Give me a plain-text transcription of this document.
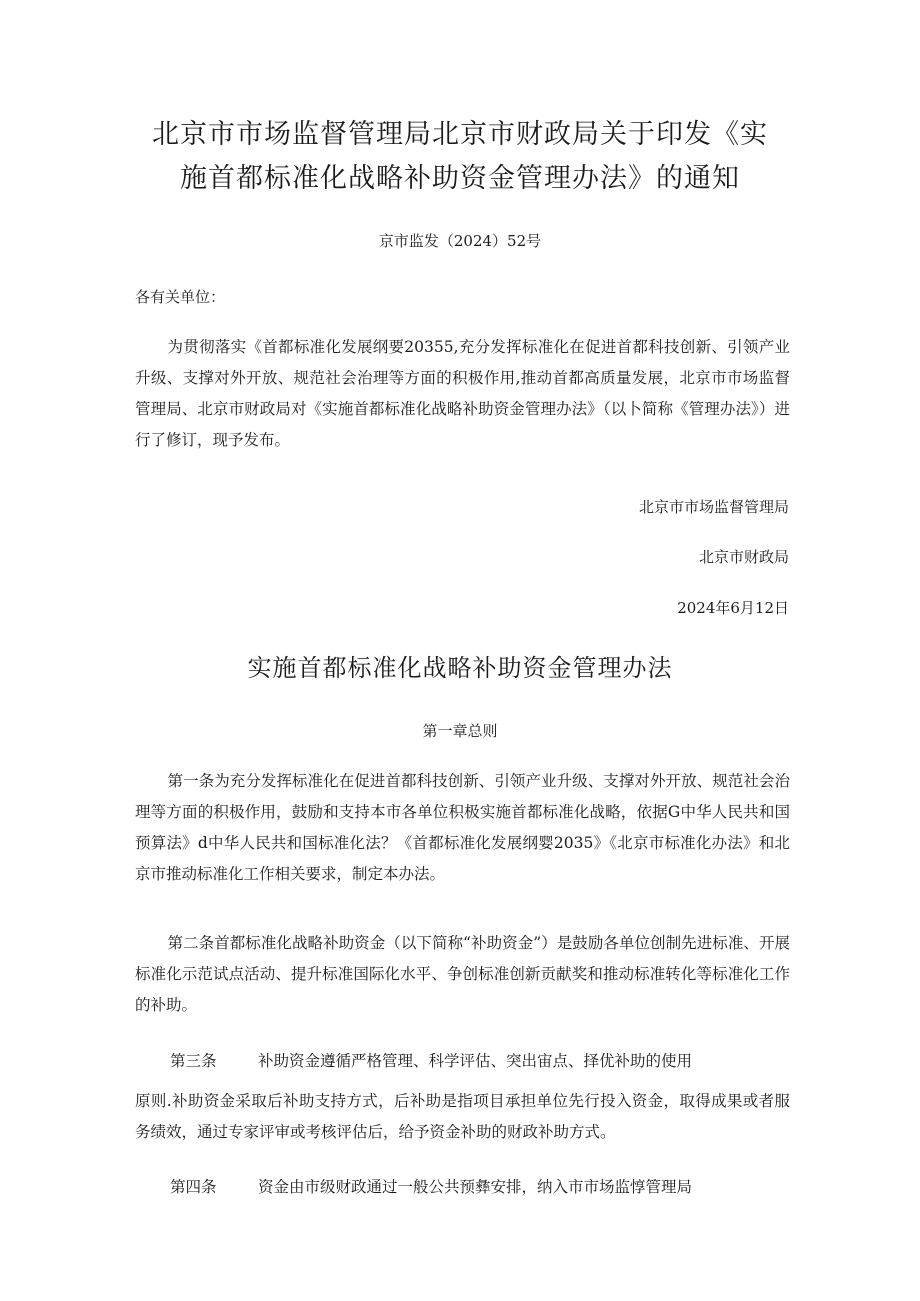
北京市市场监督管理局北京市财政局关于印发《实
施首都标准化战略补助资金管理办法》的通知
京市监发（2024）52号
各有关单位：

为贯彻落实《首都标准化发展纲要20355,充分发挥标准化在促进首都科技创新、引领产业升级、支撑对外开放、规范社会治理等方面的积极作用,推动首都高质量发展，北京市市场监督管理局、北京市财政局对《实施首都标准化战略补助资金管理办法》（以卜简称《管理办法》）进行了修订，现予发布。

北京市市场监督管理局
北京市财政局
2024年6月12日
实施首都标准化战略补助资金管理办法
第一章总则

第一条为充分发挥标准化在促进首都科技创新、引领产业升级、支撑对外开放、规范社会治理等方面的积极作用，鼓励和支持本市各单位积极实施首都标准化战略，依据G中华人民共和国预算法》d中华人民共和国标准化法？《首都标准化发展纲婴2035》《北京市标准化办法》和北京市推动标准化工作相关要求，制定本办法。

第二条首都标准化战略补助资金（以下简称“补助资金”）是鼓励各单位创制先进标准、开展标准化示范试点活动、提升标准国际化水平、争创标准创新贡献奖和推动标准转化等标准化工作的补助。

第三条	补助资金遵循严格管理、科学评估、突出宙点、择优补助的使用

原则.补助资金采取后补助支持方式，后补助是指项目承担单位先行投入资金，取得成果或者服务绩效，通过专家评审或考核评估后，给予资金补助的财政补助方式。

第四条	资金由市级财政通过一般公共预彝安排，纳入市市场监惇管理局
